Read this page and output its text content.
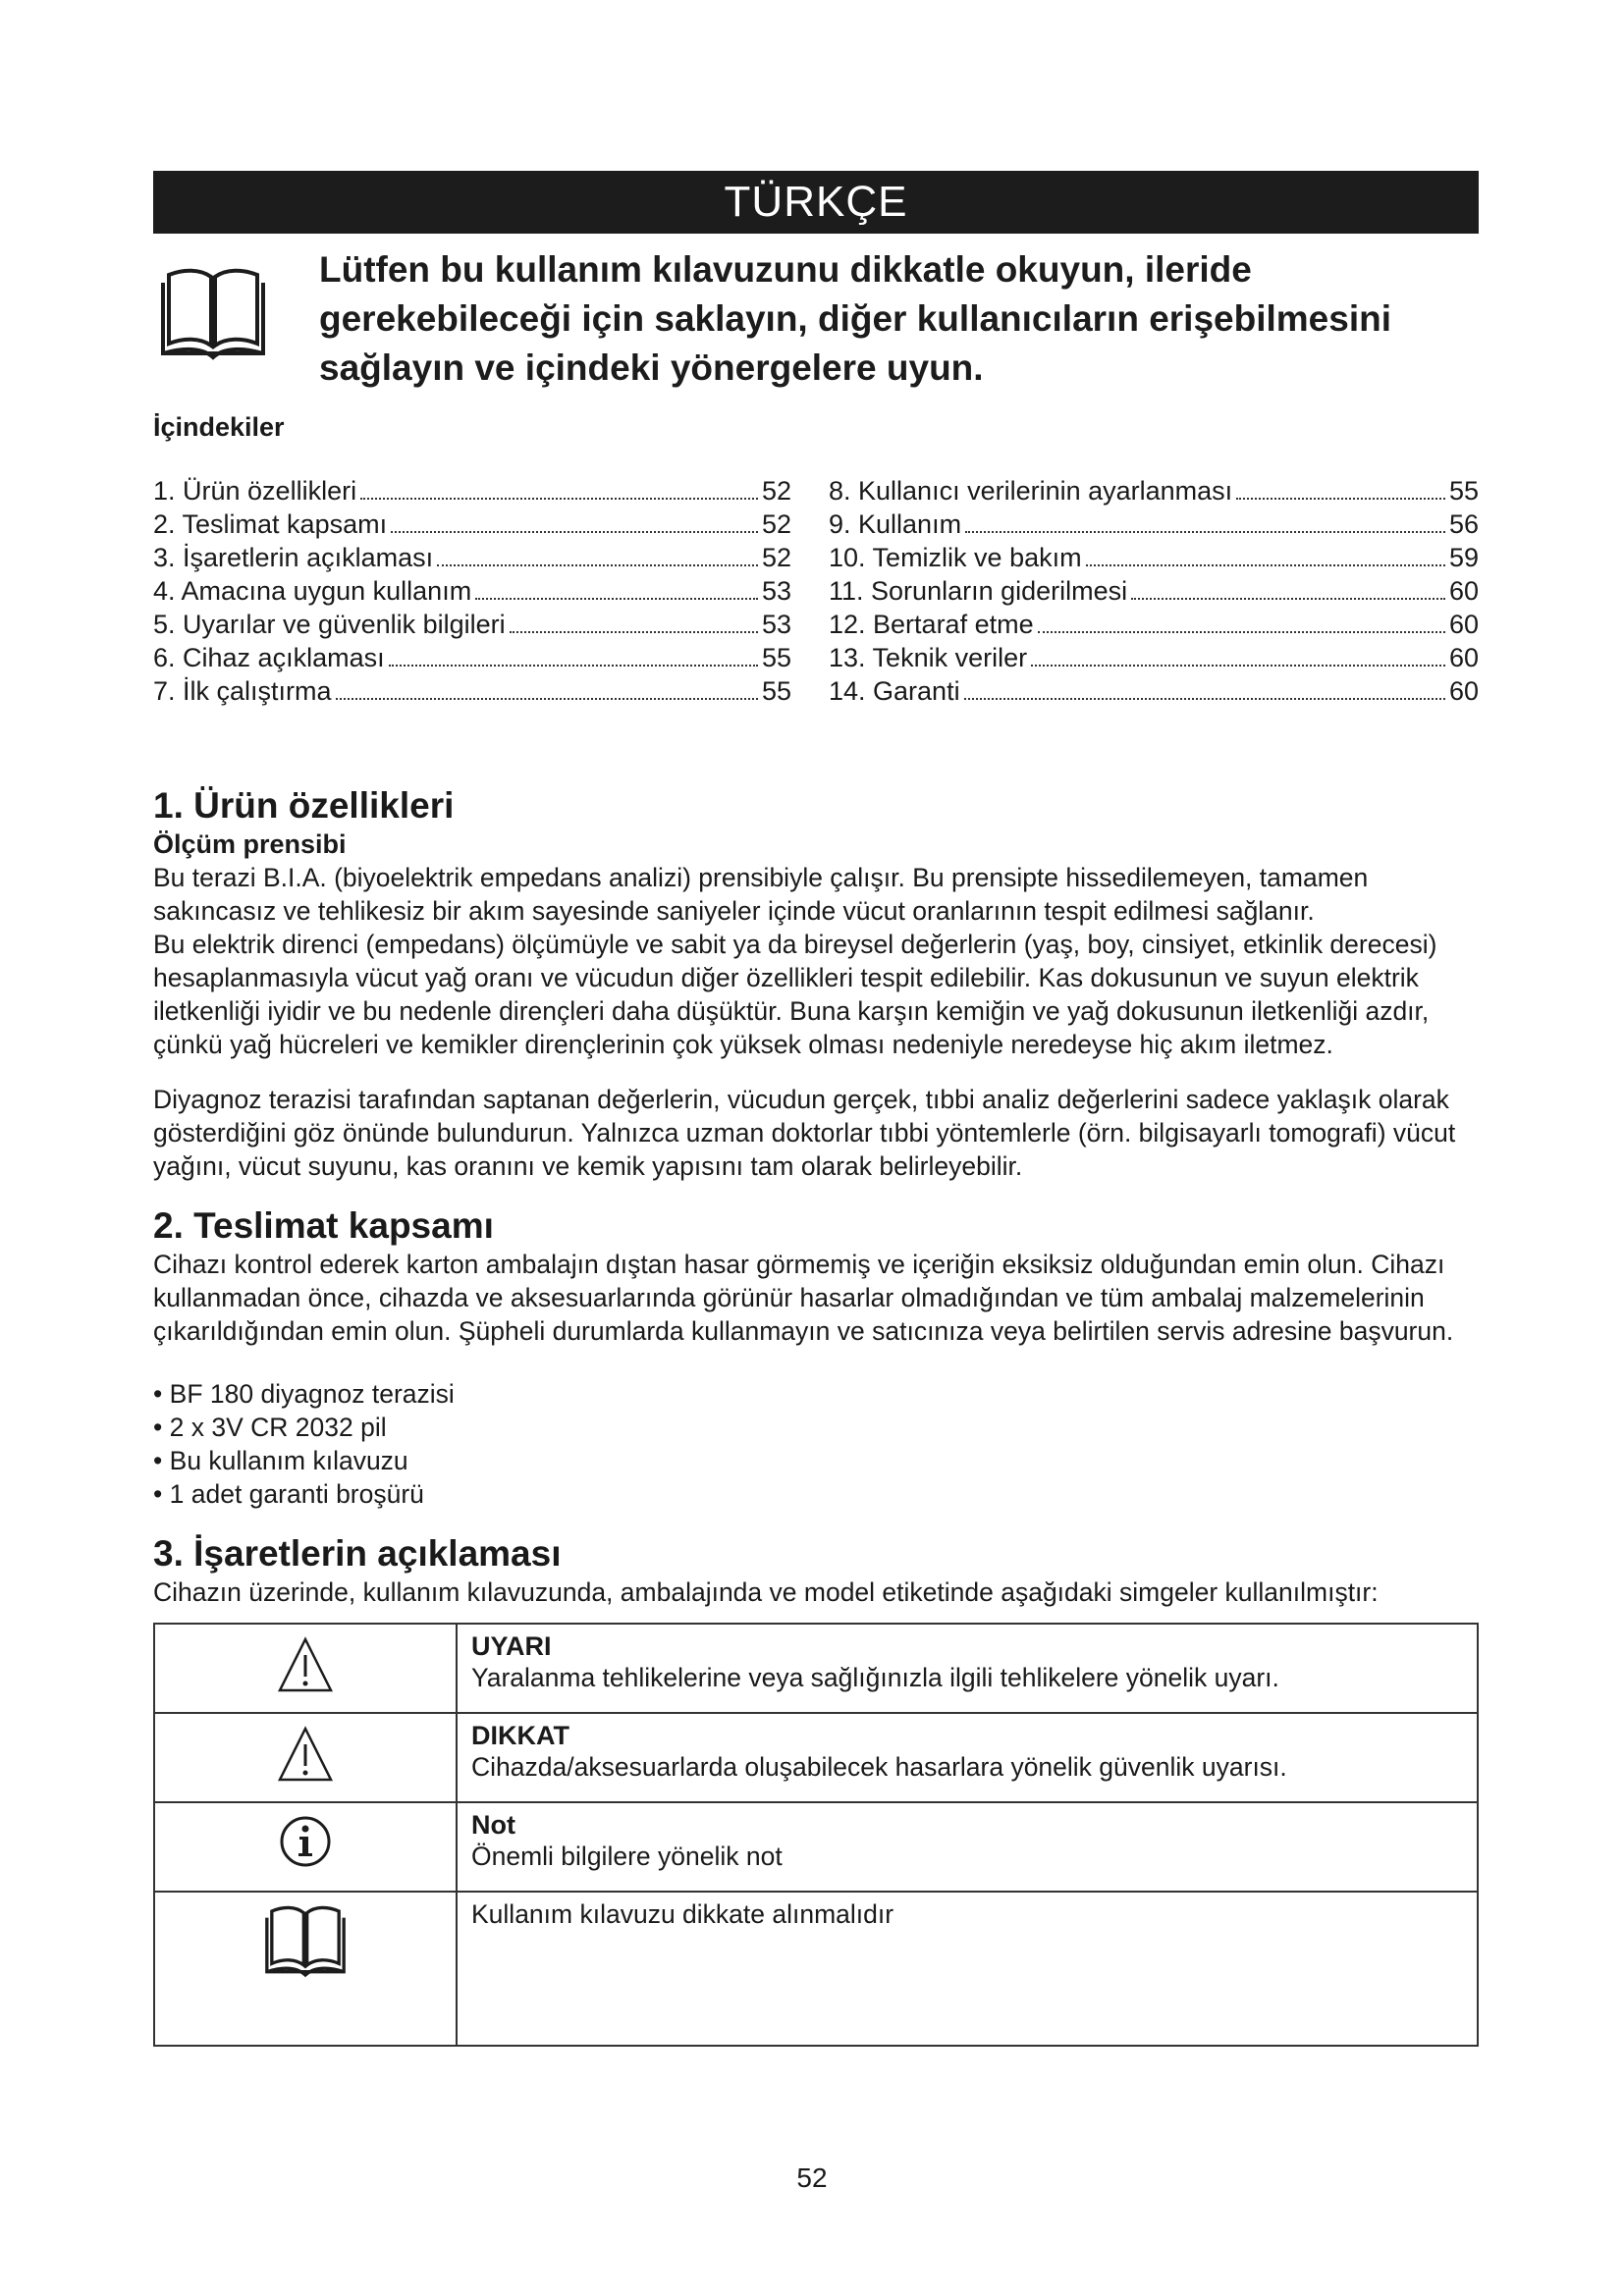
TÜRKÇE
Lütfen bu kullanım kılavuzunu dikkatle okuyun, ileride gerekebileceği için saklayın, diğer kullanıcıların erişebilmesini sağlayın ve içindeki yönergelere uyun.
İçindekiler
1. Ürün özellikleri	52
2. Teslimat kapsamı	52
3. İşaretlerin açıklaması	52
4. Amacına uygun kullanım	53
5. Uyarılar ve güvenlik bilgileri	53
6. Cihaz açıklaması	55
7. İlk çalıştırma	55
8. Kullanıcı verilerinin ayarlanması	55
9. Kullanım	56
10. Temizlik ve bakım	59
11. Sorunların giderilmesi	60
12. Bertaraf etme	60
13. Teknik veriler	60
14. Garanti	60
1. Ürün özellikleri
Ölçüm prensibi

Bu terazi B.I.A. (biyoelektrik empedans analizi) prensibiyle çalışır. Bu prensipte hissedilemeyen, tamamen sakıncasız ve tehlikesiz bir akım sayesinde saniyeler içinde vücut oranlarının tespit edilmesi sağlanır.

Bu elektrik direnci (empedans) ölçümüyle ve sabit ya da bireysel değerlerin (yaş, boy, cinsiyet, etkinlik derecesi) hesaplanmasıyla vücut yağ oranı ve vücudun diğer özellikleri tespit edilebilir. Kas dokusunun ve suyun elektrik iletkenliği iyidir ve bu nedenle dirençleri daha düşüktür. Buna karşın kemiğin ve yağ dokusunun iletkenliği azdır, çünkü yağ hücreleri ve kemikler dirençlerinin çok yüksek olması nedeniyle neredeyse hiç akım iletmez.

Diyagnoz terazisi tarafından saptanan değerlerin, vücudun gerçek, tıbbi analiz değerlerini sadece yaklaşık olarak gösterdiğini göz önünde bulundurun. Yalnızca uzman doktorlar tıbbi yöntemlerle (örn. bilgisayarlı tomografi) vücut yağını, vücut suyunu, kas oranını ve kemik yapısını tam olarak belirleyebilir.

2. Teslimat kapsamı

Cihazı kontrol ederek karton ambalajın dıştan hasar görmemiş ve içeriğin eksiksiz olduğundan emin olun. Cihazı kullanmadan önce, cihazda ve aksesuarlarında görünür hasarlar olmadığından ve tüm ambalaj malzemelerinin çıkarıldığından emin olun. Şüpheli durumlarda kullanmayın ve satıcınıza veya belirtilen servis adresine başvurun.

• BF 180 diyagnoz terazisi
• 2 x 3V CR 2032 pil
• Bu kullanım kılavuzu
• 1 adet garanti broşürü
3. İşaretlerin açıklaması

Cihazın üzerinde, kullanım kılavuzunda, ambalajında ve model etiketinde aşağıdaki simgeler kullanılmıştır:

UYARI
Yaralanma tehlikelerine veya sağlığınızla ilgili tehlikelere yönelik uyarı.

DIKKAT
Cihazda/aksesuarlarda oluşabilecek hasarlara yönelik güvenlik uyarısı.

Not
Önemli bilgilere yönelik not

Kullanım kılavuzu dikkate alınmalıdır
52
